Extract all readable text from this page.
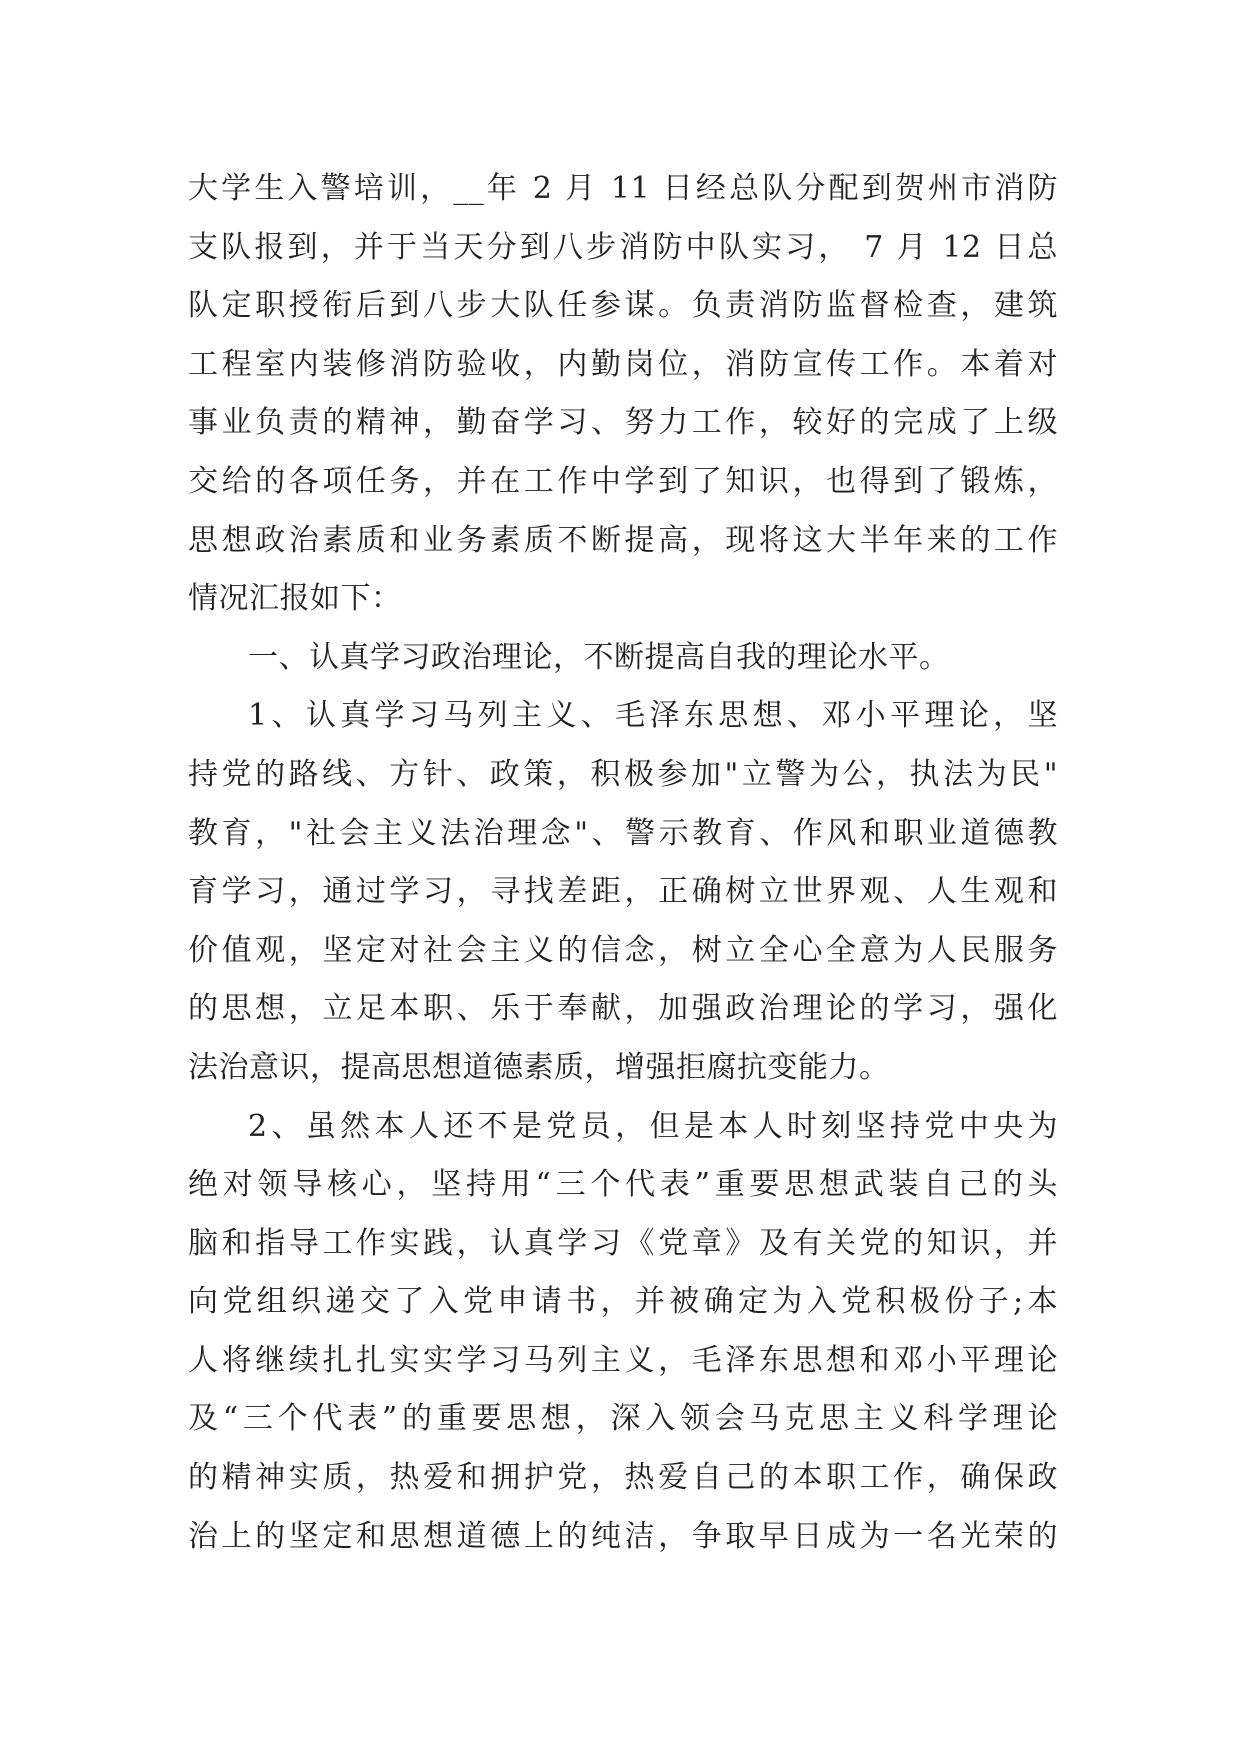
大学生入警培训，__年 2 月 11 日经总队分配到贺州市消防
支队报到，并于当天分到八步消防中队实习， 7 月 12 日总
队定职授衔后到八步大队任参谋。负责消防监督检查，建筑
工程室内装修消防验收，内勤岗位，消防宣传工作。本着对
事业负责的精神，勤奋学习、努力工作，较好的完成了上级
交给的各项任务，并在工作中学到了知识，也得到了锻炼，
思想政治素质和业务素质不断提高，现将这大半年来的工作
情况汇报如下：
一、认真学习政治理论，不断提高自我的理论水平。
1、认真学习马列主义、毛泽东思想、邓小平理论，坚
持党的路线、方针、政策，积极参加"立警为公，执法为民"
教育，"社会主义法治理念"、警示教育、作风和职业道德教
育学习，通过学习，寻找差距，正确树立世界观、人生观和
价值观，坚定对社会主义的信念，树立全心全意为人民服务
的思想，立足本职、乐于奉献，加强政治理论的学习，强化
法治意识，提高思想道德素质，增强拒腐抗变能力。
2、虽然本人还不是党员，但是本人时刻坚持党中央为
绝对领导核心，坚持用“三个代表”重要思想武装自己的头
脑和指导工作实践，认真学习《党章》及有关党的知识，并
向党组织递交了入党申请书，并被确定为入党积极份子;本
人将继续扎扎实实学习马列主义，毛泽东思想和邓小平理论
及“三个代表”的重要思想，深入领会马克思主义科学理论
的精神实质，热爱和拥护党，热爱自己的本职工作，确保政
治上的坚定和思想道德上的纯洁，争取早日成为一名光荣的
